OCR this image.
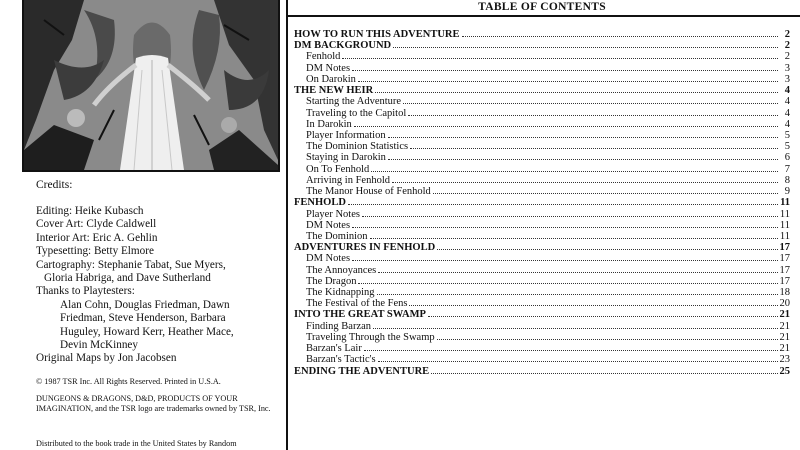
Credits:
Editing: Heike Kubasch
Cover Art: Clyde Caldwell
Interior Art: Eric A. Gehlin
Typesetting: Betty Elmore
Cartography: Stephanie Tabat, Sue Myers,
Gloria Habriga, and Dave Sutherland
Thanks to Playtesters:
Alan Cohn, Douglas Friedman, Dawn
Friedman, Steve Henderson, Barbara
Huguley, Howard Kerr, Heather Mace,
Devin McKinney
Original Maps by Jon Jacobsen
© 1987 TSR Inc. All Rights Reserved. Printed in U.S.A.
DUNGEONS & DRAGONS, D&D, PRODUCTS OF YOUR IMAGINATION, and the TSR logo are trademarks owned by TSR, Inc.
Distributed to the book trade in the United States by Random
TABLE OF CONTENTS
HOW TO RUN THIS ADVENTURE	2
DM BACKGROUND	2
Fenhold	2
DM Notes	3
On Darokin	3
THE NEW HEIR	4
Starting the Adventure	4
Traveling to the Capitol	4
In Darokin	4
Player Information	5
The Dominion Statistics	5
Staying in Darokin	6
On To Fenhold	7
Arriving in Fenhold	8
The Manor House of Fenhold	9
FENHOLD	11
Player Notes	11
DM Notes	11
The Dominion	11
ADVENTURES IN FENHOLD	17
DM Notes	17
The Annoyances	17
The Dragon	17
The Kidnapping	18
The Festival of the Fens	20
INTO THE GREAT SWAMP	21
Finding Barzan	21
Traveling Through the Swamp	21
Barzan's Lair	21
Barzan's Tactic's	23
ENDING THE ADVENTURE	25
